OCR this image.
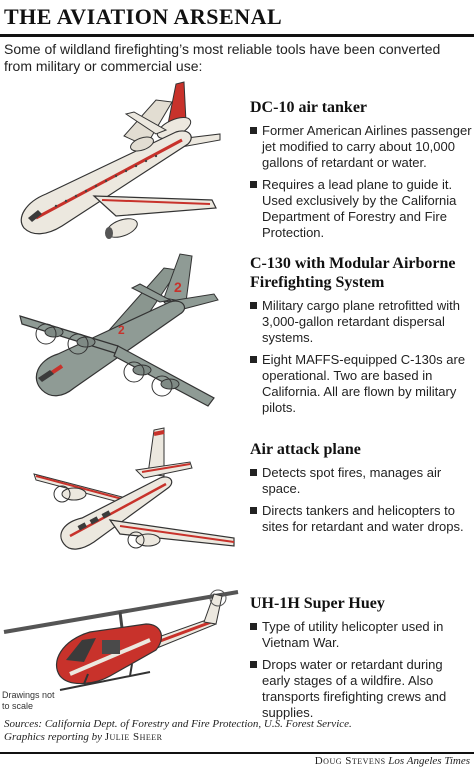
THE AVIATION ARSENAL
Some of wildland firefighting’s most reliable tools have been converted from military or commercial use:
2
2
DC-10 air tanker
Former American Airlines passenger jet modified to carry about 10,000 gallons of retardant or water.
Requires a lead plane to guide it. Used exclusively by the California Department of Forestry and Fire Protection.
C-130 with Modular Airborne Firefighting System
Military cargo plane retrofitted with 3,000-gallon retardant dispersal systems.
Eight MAFFS-equipped C-130s are operational. Two are based in California. All are flown by military pilots.
Air attack plane
Detects spot fires, manages air space.
Directs tankers and helicopters to sites for retardant and water drops.
UH-1H Super Huey
Type of utility helicopter used in Vietnam War.
Drops water or retardant during early stages of a wildfire. Also transports firefighting crews and supplies.
Drawings not to scale
Sources: California Dept. of Forestry and Fire Protection, U.S. Forest Service.
Graphics reporting by Julie Sheer
Doug Stevens Los Angeles Times
